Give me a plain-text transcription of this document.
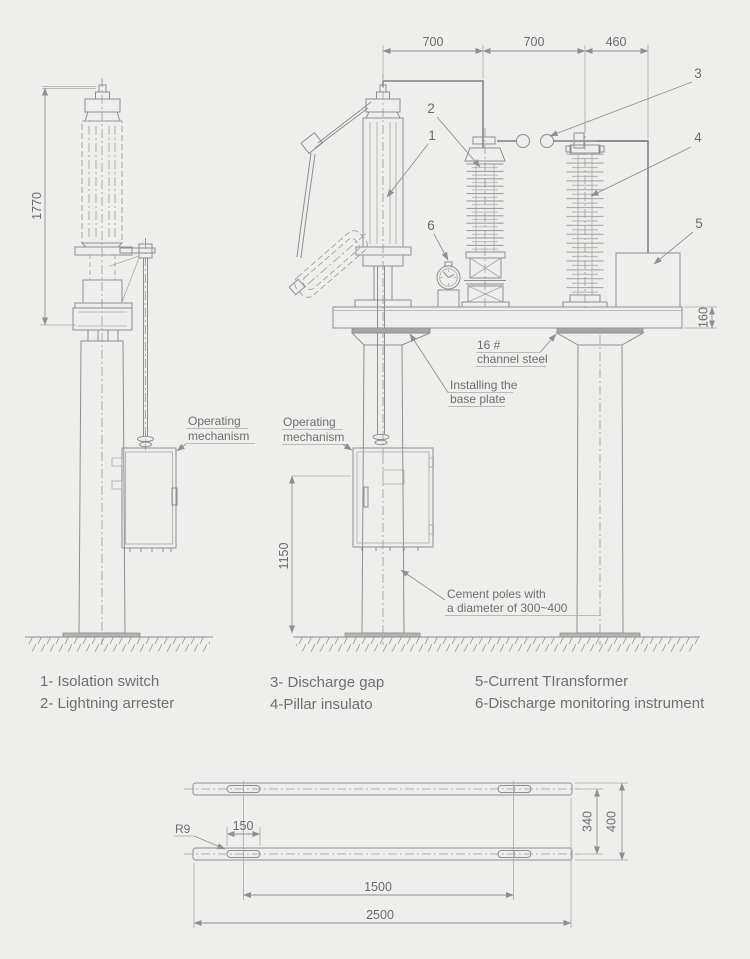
1770
Operating
mechanism
700	700	460
160
Operating
mechanism
1150
1
2
3
4
5
6
16 #
channel steel
Installing the
base plate
Cement poles with
a diameter of 300~400
1- Isolation switch
2- Lightning arrester
3- Discharge gap
4-Pillar insulato
5-Current TIransformer
6-Discharge monitoring instrument
R9	150
1500
2500
340 400
